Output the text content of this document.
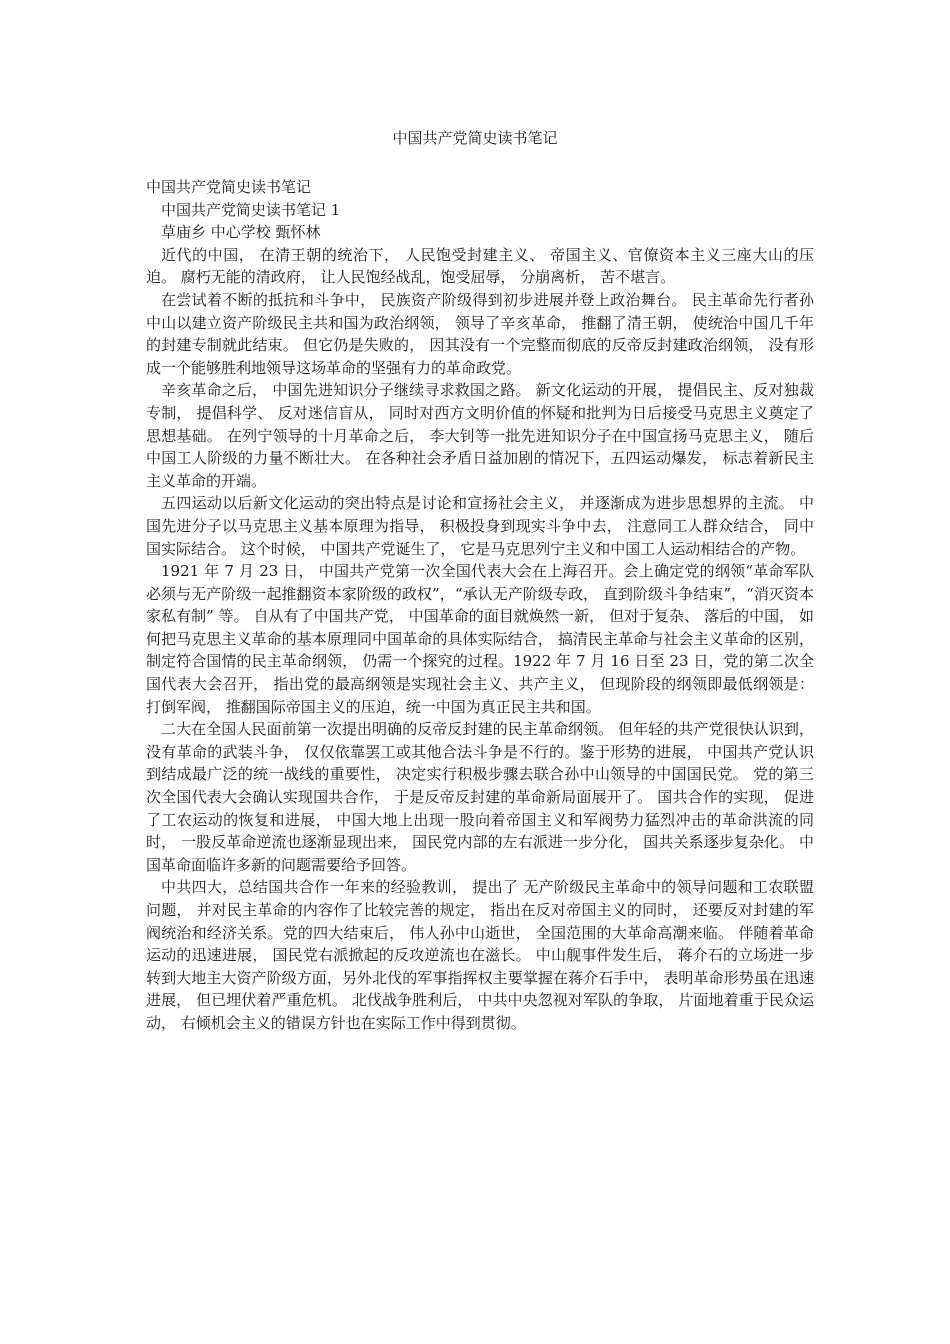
中国共产党简史读书笔记

中国共产党简史读书笔记

中国共产党简史读书笔记 1

草庙乡 中心学校 甄怀林

近代的中国， 在清王朝的统治下， 人民饱受封建主义、 帝国主义、官僚资本主义三座大山的压迫。 腐朽无能的清政府， 让人民饱经战乱，饱受屈辱， 分崩离析， 苦不堪言。

在尝试着不断的抵抗和斗争中， 民族资产阶级得到初步进展并登上政治舞台。 民主革命先行者孙中山以建立资产阶级民主共和国为政治纲领， 领导了辛亥革命， 推翻了清王朝， 使统治中国几千年的封建专制就此结束。 但它仍是失败的， 因其没有一个完整而彻底的反帝反封建政治纲领， 没有形成一个能够胜利地领导这场革命的坚强有力的革命政党。

辛亥革命之后， 中国先进知识分子继续寻求救国之路。 新文化运动的开展， 提倡民主、反对独裁专制， 提倡科学、 反对迷信盲从， 同时对西方文明价值的怀疑和批判为日后接受马克思主义奠定了 思想基础。 在列宁领导的十月革命之后， 李大钊等一批先进知识分子在中国宣扬马克思主义， 随后中国工人阶级的力量不断壮大。 在各种社会矛盾日益加剧的情况下，五四运动爆发， 标志着新民主主义革命的开端。

五四运动以后新文化运动的突出特点是讨论和宣扬社会主义， 并逐渐成为进步思想界的主流。 中国先进分子以马克思主义基本原理为指导， 积极投身到现实斗争中去， 注意同工人群众结合， 同中国实际结合。 这个时候， 中国共产党诞生了， 它是马克思列宁主义和中国工人运动相结合的产物。

1921 年 7 月 23 日， 中国共产党第一次全国代表大会在上海召开。会上确定党的纲领“革命军队必须与无产阶级一起推翻资本家阶级的政权”，“承认无产阶级专政， 直到阶级斗争结束”，“消灭资本家私有制” 等。 自从有了中国共产党， 中国革命的面目就焕然一新， 但对于复杂、 落后的中国， 如何把马克思主义革命的基本原理同中国革命的具体实际结合， 搞清民主革命与社会主义革命的区别， 制定符合国情的民主革命纲领， 仍需一个探究的过程。1922 年 7 月 16 日至 23 日，党的第二次全国代表大会召开， 指出党的最高纲领是实现社会主义、共产主义， 但现阶段的纲领即最低纲领是： 打倒军阀， 推翻国际帝国主义的压迫，统一中国为真正民主共和国。

二大在全国人民面前第一次提出明确的反帝反封建的民主革命纲领。 但年轻的共产党很快认识到， 没有革命的武装斗争， 仅仅依靠罢工或其他合法斗争是不行的。鉴于形势的进展， 中国共产党认识到结成最广泛的统一战线的重要性， 决定实行积极步骤去联合孙中山领导的中国国民党。 党的第三次全国代表大会确认实现国共合作， 于是反帝反封建的革命新局面展开了。 国共合作的实现， 促进了工农运动的恢复和进展， 中国大地上出现一股向着帝国主义和军阀势力猛烈冲击的革命洪流的同时， 一股反革命逆流也逐渐显现出来， 国民党内部的左右派进一步分化， 国共关系逐步复杂化。 中国革命面临许多新的问题需要给予回答。

中共四大，总结国共合作一年来的经验教训， 提出了 无产阶级民主革命中的领导问题和工农联盟问题， 并对民主革命的内容作了比较完善的规定， 指出在反对帝国主义的同时， 还要反对封建的军阀统治和经济关系。党的四大结束后， 伟人孙中山逝世， 全国范围的大革命高潮来临。 伴随着革命运动的迅速进展， 国民党右派掀起的反攻逆流也在滋长。 中山舰事件发生后， 蒋介石的立场进一步转到大地主大资产阶级方面，另外北伐的军事指挥权主要掌握在蒋介石手中， 表明革命形势虽在迅速进展， 但已埋伏着严重危机。 北伐战争胜利后， 中共中央忽视对军队的争取， 片面地着重于民众运动， 右倾机会主义的错误方针也在实际工作中得到贯彻。
